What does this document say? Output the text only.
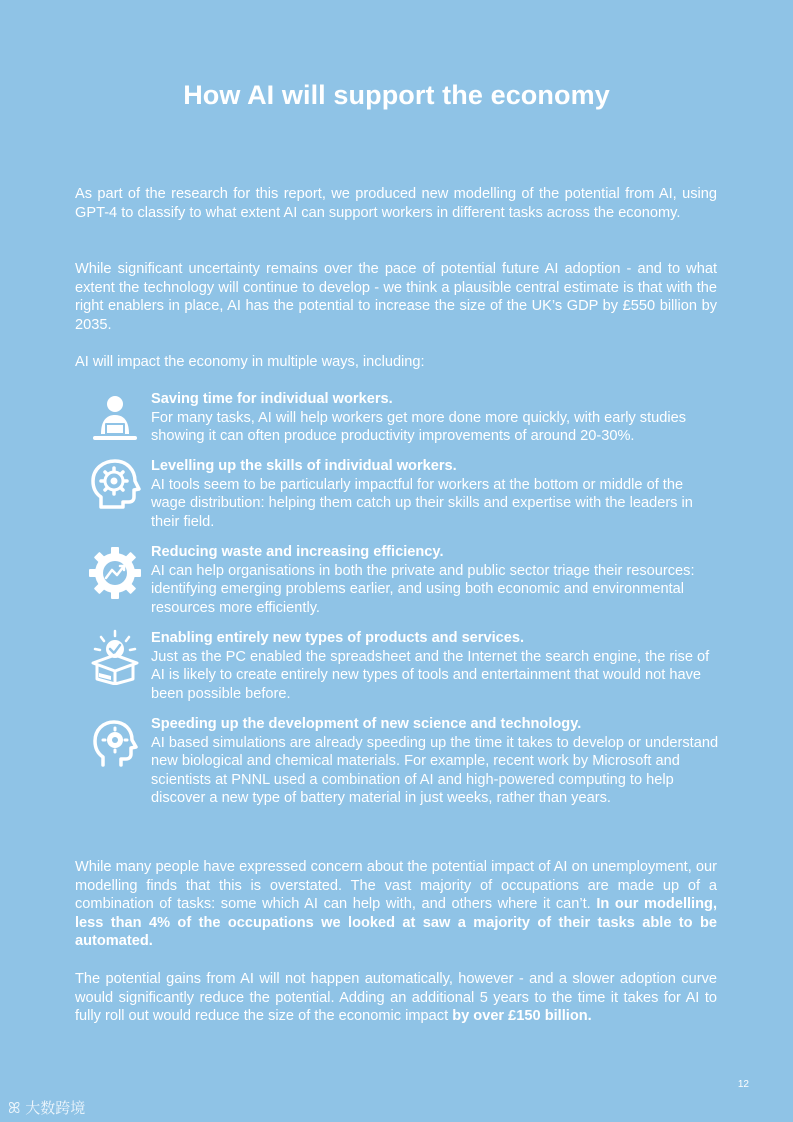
How AI will support the economy

As part of the research for this report, we produced new modelling of the potential from AI, using GPT-4 to classify to what extent AI can support workers in different tasks across the economy.

While significant uncertainty remains over the pace of potential future AI adoption - and to what extent the technology will continue to develop - we think a plausible central estimate is that with the right enablers in place, AI has the potential to increase the size of the UK’s GDP by £550 billion by 2035.

AI will impact the economy in multiple ways, including:

Saving time for individual workers.
For many tasks, AI will help workers get more done more quickly, with early studies showing it can often produce productivity improvements of around 20-30%.
Levelling up the skills of individual workers.
AI tools seem to be particularly impactful for workers at the bottom or middle of the wage distribution: helping them catch up their skills and expertise with the leaders in their field.
Reducing waste and increasing efficiency.
AI can help organisations in both the private and public sector triage their resources: identifying emerging problems earlier, and using both economic and environmental resources more efficiently.
Enabling entirely new types of products and services.
Just as the PC enabled the spreadsheet and the Internet the search engine, the rise of AI is likely to create entirely new types of tools and entertainment that would not have been possible before.
Speeding up the development of new science and technology.
AI based simulations are already speeding up the time it takes to develop or understand new biological and chemical materials. For example, recent work by Microsoft and scientists at PNNL used a combination of AI and high-powered computing to help discover a new type of battery material in just weeks, rather than years.

While many people have expressed concern about the potential impact of AI on unemployment, our modelling finds that this is overstated. The vast majority of occupations are made up of a combination of tasks: some which AI can help with, and others where it can’t. In our modelling, less than 4% of the occupations we looked at saw a majority of their tasks able to be automated.

The potential gains from AI will not happen automatically, however - and a slower adoption curve would significantly reduce the potential. Adding an additional 5 years to the time it takes for AI to fully roll out would reduce the size of the economic impact by over £150 billion.

12
ꕤ 大数跨境
